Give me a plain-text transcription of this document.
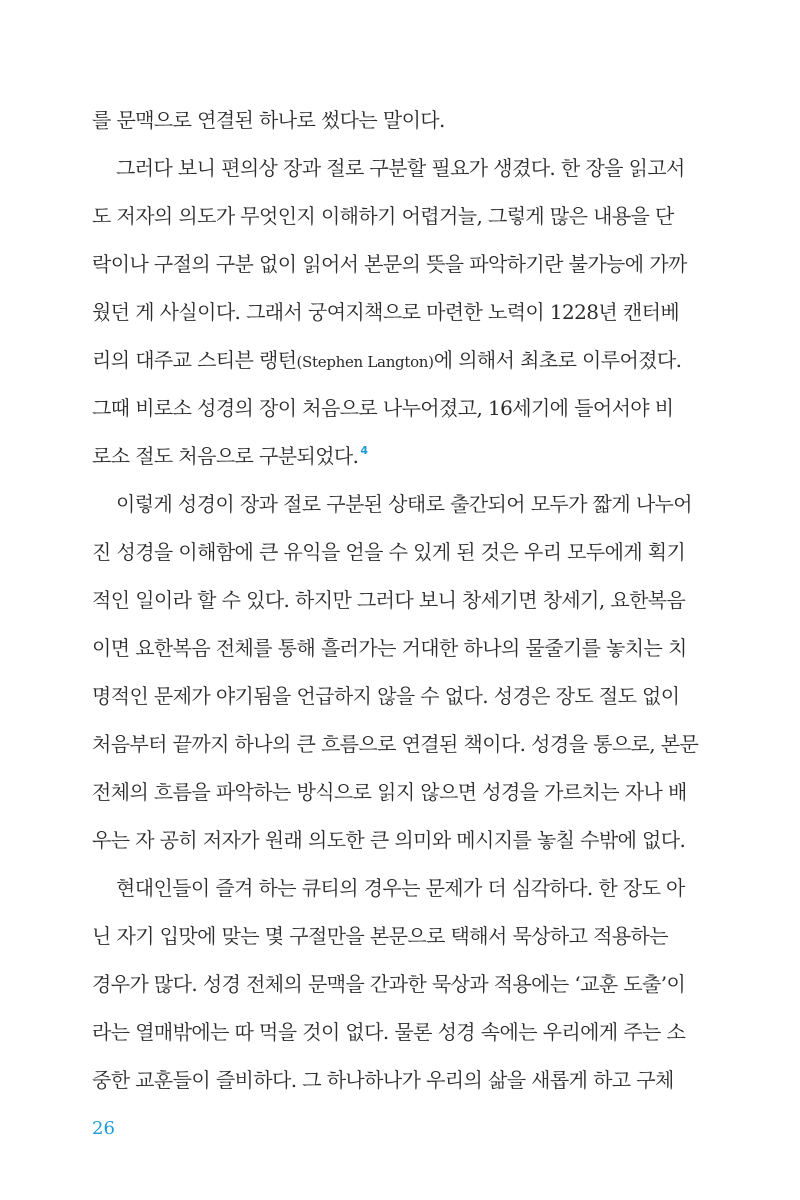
를 문맥으로 연결된 하나로 썼다는 말이다.
그러다 보니 편의상 장과 절로 구분할 필요가 생겼다. 한 장을 읽고서
도 저자의 의도가 무엇인지 이해하기 어렵거늘, 그렇게 많은 내용을 단
락이나 구절의 구분 없이 읽어서 본문의 뜻을 파악하기란 불가능에 가까
웠던 게 사실이다. 그래서 궁여지책으로 마련한 노력이 1228년 캔터베
리의 대주교 스티븐 랭턴(Stephen Langton)에 의해서 최초로 이루어졌다.
그때 비로소 성경의 장이 처음으로 나누어졌고, 16세기에 들어서야 비
로소 절도 처음으로 구분되었다. $^4$
이렇게 성경이 장과 절로 구분된 상태로 출간되어 모두가 짧게 나누어
진 성경을 이해함에 큰 유익을 얻을 수 있게 된 것은 우리 모두에게 획기
적인 일이라 할 수 있다. 하지만 그러다 보니 창세기면 창세기, 요한복음
이면 요한복음 전체를 통해 흘러가는 거대한 하나의 물줄기를 놓치는 치
명적인 문제가 야기됨을 언급하지 않을 수 없다. 성경은 장도 절도 없이
처음부터 끝까지 하나의 큰 흐름으로 연결된 책이다. 성경을 통으로, 본문
전체의 흐름을 파악하는 방식으로 읽지 않으면 성경을 가르치는 자나 배
우는 자 공히 저자가 원래 의도한 큰 의미와 메시지를 놓칠 수밖에 없다.
현대인들이 즐겨 하는 큐티의 경우는 문제가 더 심각하다. 한 장도 아
닌 자기 입맛에 맞는 몇 구절만을 본문으로 택해서 묵상하고 적용하는
경우가 많다. 성경 전체의 문맥을 간과한 묵상과 적용에는 ‘교훈 도출’이
라는 열매밖에는 따 먹을 것이 없다. 물론 성경 속에는 우리에게 주는 소
중한 교훈들이 즐비하다. 그 하나하나가 우리의 삶을 새롭게 하고 구체
26
